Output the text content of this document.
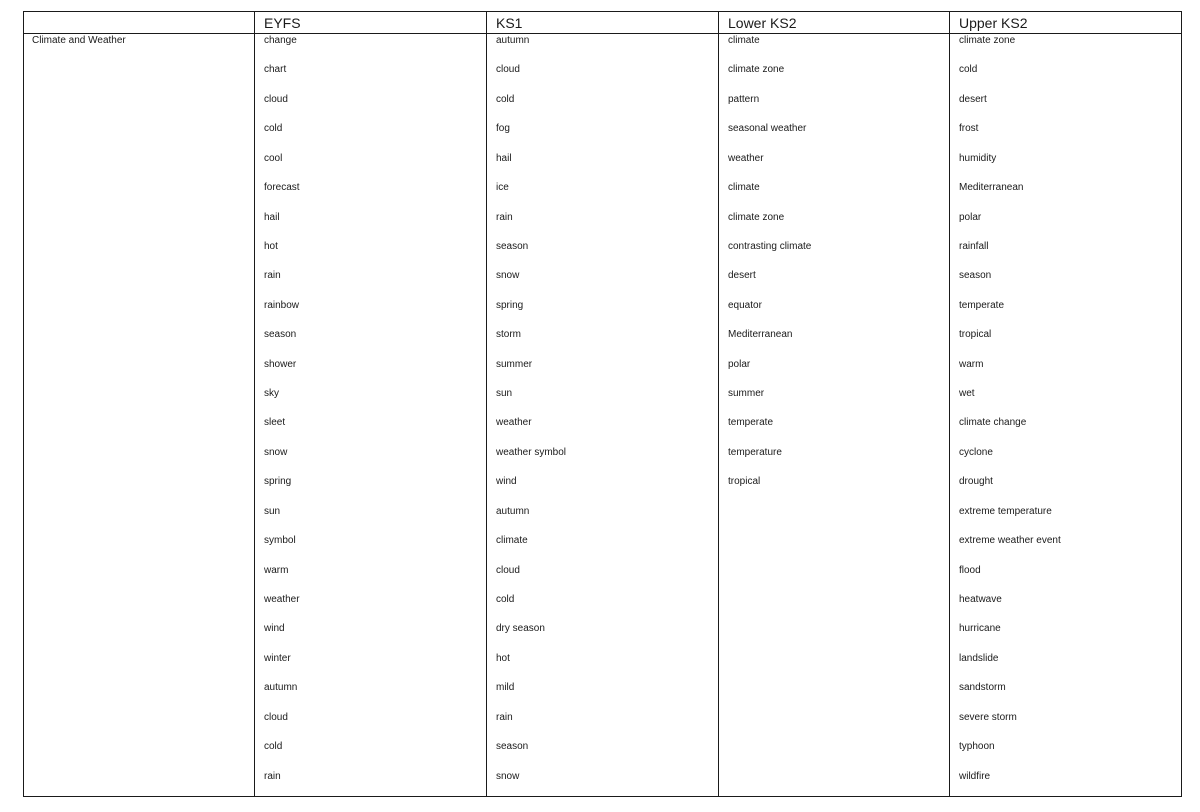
Climate and Weather
EYFS
change
chart
cloud
cold
cool
forecast
hail
hot
rain
rainbow
season
shower
sky
sleet
snow
spring
sun
symbol
warm
weather
wind
winter
autumn
cloud
cold
rain
KS1
autumn
cloud
cold
fog
hail
ice
rain
season
snow
spring
storm
summer
sun
weather
weather symbol
wind
autumn
climate
cloud
cold
dry season
hot
mild
rain
season
snow
Lower KS2
climate
climate zone
pattern
seasonal weather
weather
climate
climate zone
contrasting climate
desert
equator
Mediterranean
polar
summer
temperate
temperature
tropical
Upper KS2
climate zone
cold
desert
frost
humidity
Mediterranean
polar
rainfall
season
temperate
tropical
warm
wet
climate change
cyclone
drought
extreme temperature
extreme weather event
flood
heatwave
hurricane
landslide
sandstorm
severe storm
typhoon
wildfire
